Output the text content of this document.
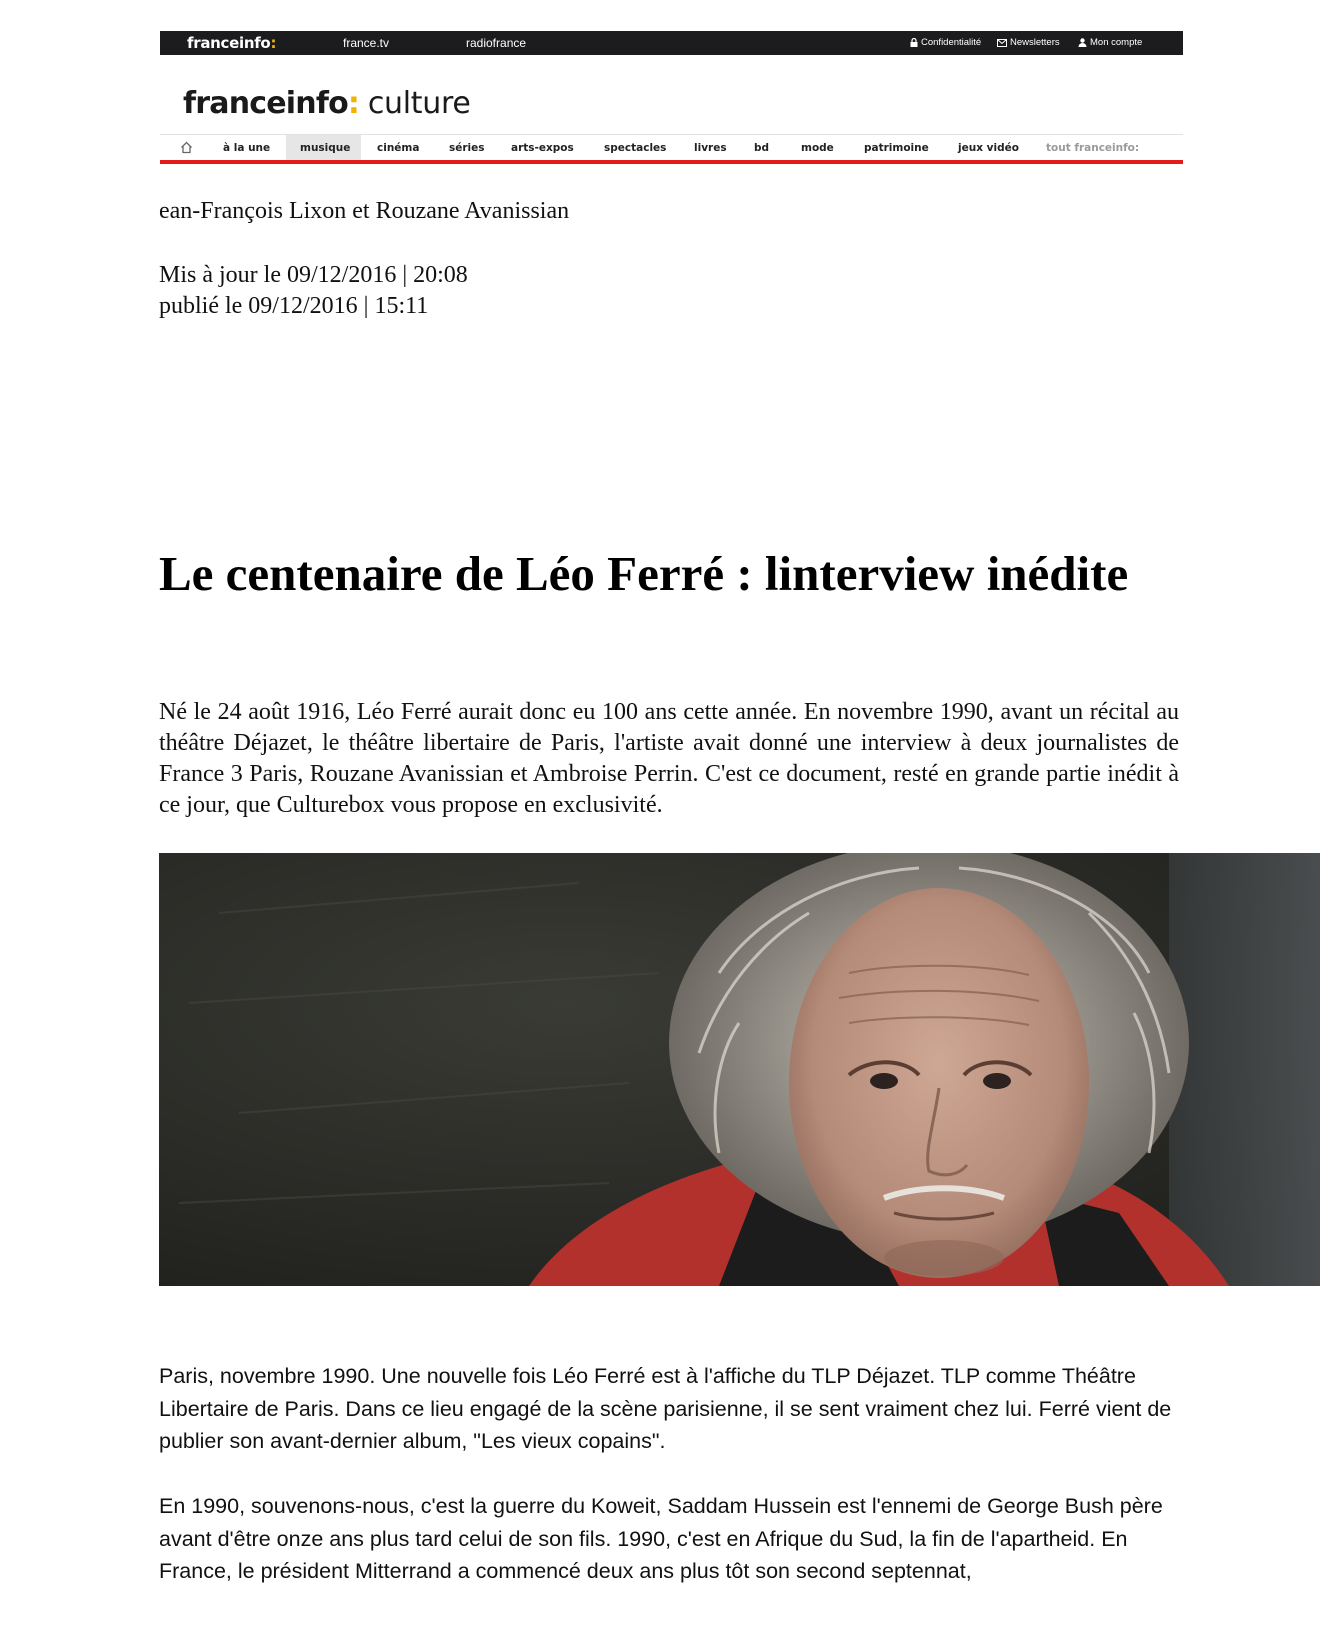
franceinfo:	france.tv	radiofrance	Confidentialité	Newsletters	Mon compte
franceinfo: culture
à la une	musique	cinéma	séries	arts-expos	spectacles	livres	bd	mode	patrimoine	jeux vidéo	tout franceinfo:
ean-François Lixon et Rouzane Avanissian
Mis à jour le 09/12/2016 | 20:08
publié le 09/12/2016 | 15:11
Le centenaire de Léo Ferré : linterview inédite

Né le 24 août 1916, Léo Ferré aurait donc eu 100 ans cette année. En novembre 1990, avant un récital au théâtre Déjazet, le théâtre libertaire de Paris, l'artiste avait donné une interview à deux journalistes de France 3 Paris, Rouzane Avanissian et Ambroise Perrin. C'est ce document, resté en grande partie inédit à ce jour, que Culturebox vous propose en exclusivité.

Paris, novembre 1990. Une nouvelle fois Léo Ferré est à l'affiche du TLP Déjazet. TLP comme Théâtre Libertaire de Paris. Dans ce lieu engagé de la scène parisienne, il se sent vraiment chez lui. Ferré vient de publier son avant-dernier album, "Les vieux copains".

En 1990, souvenons-nous, c'est la guerre du Koweit, Saddam Hussein est l'ennemi de George Bush père avant d'être onze ans plus tard celui de son fils. 1990, c'est en Afrique du Sud, la fin de l'apartheid. En France, le président Mitterrand a commencé deux ans plus tôt son second septennat,
